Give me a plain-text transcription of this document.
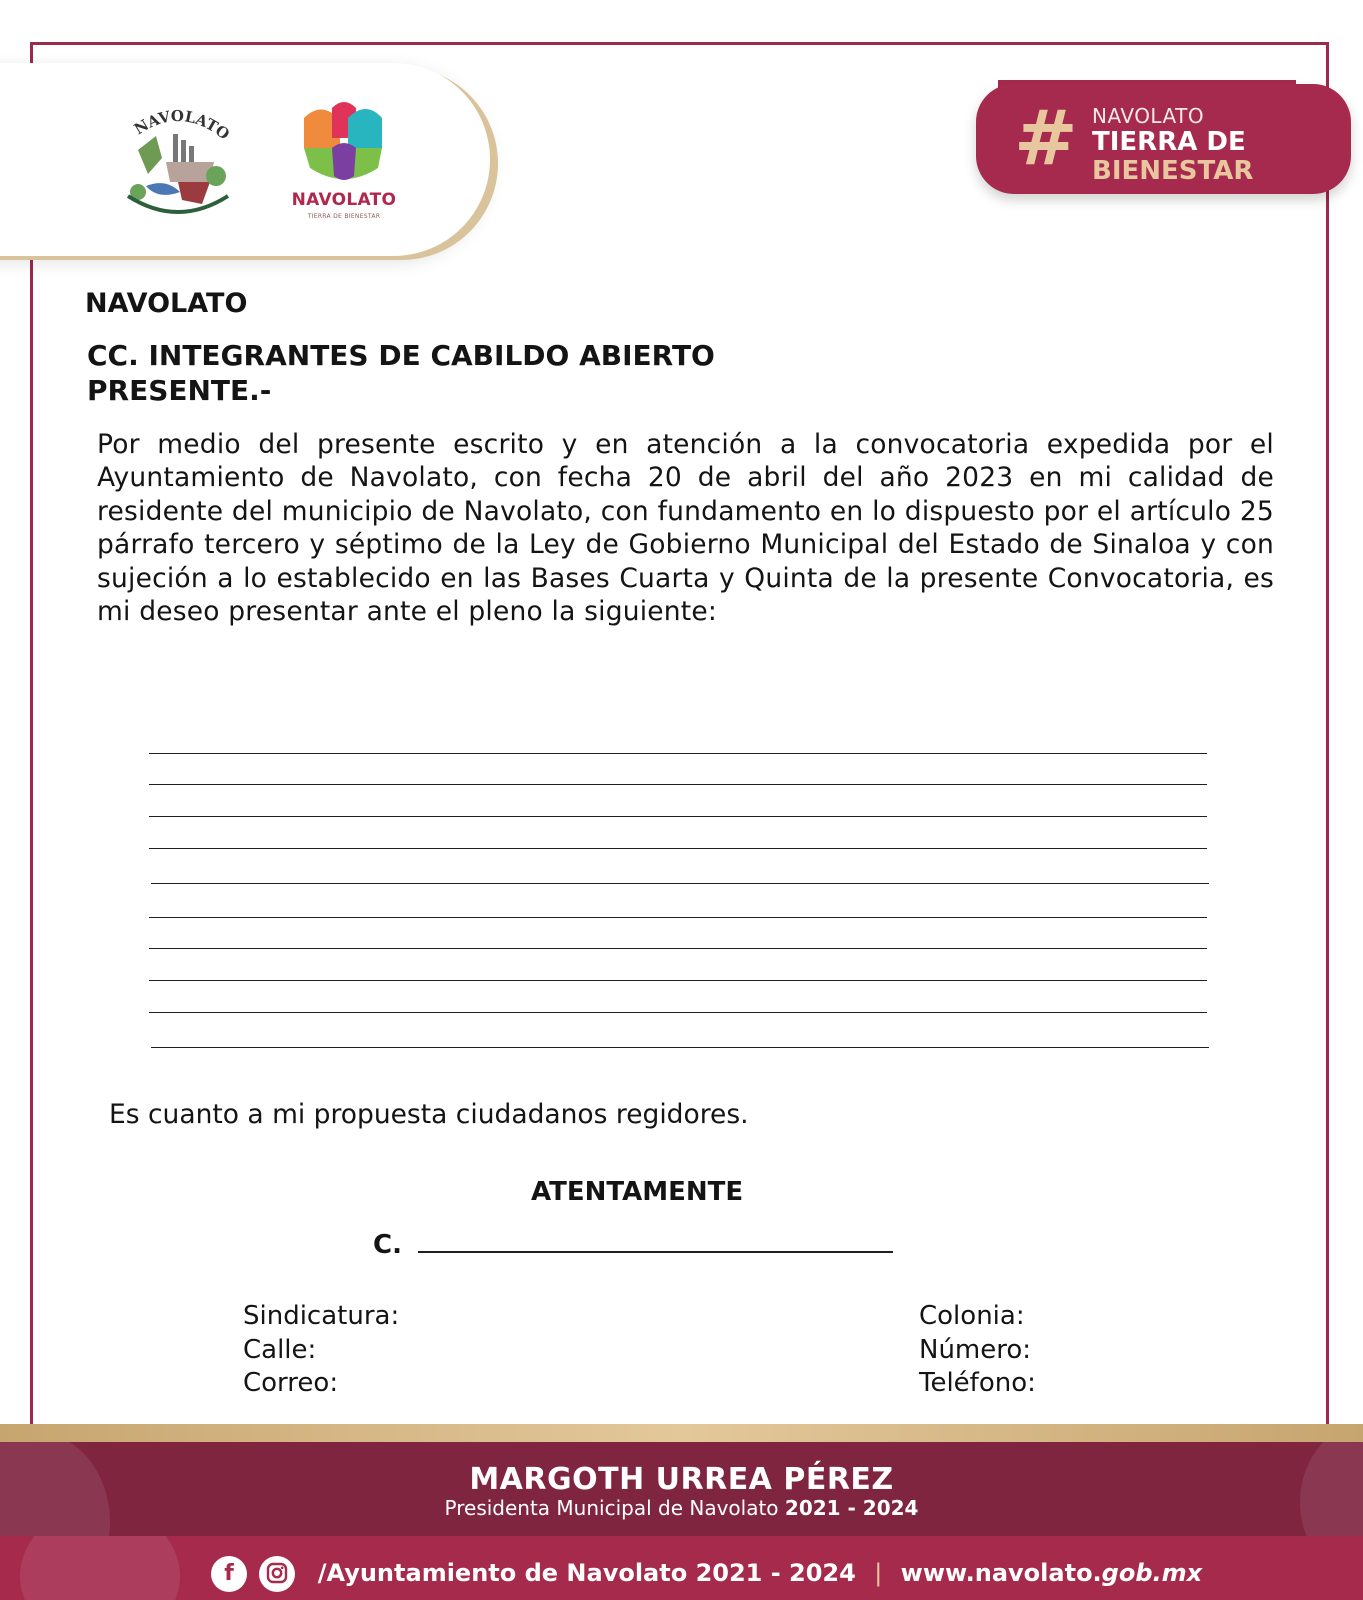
NAVOLATO
NAVOLATO
TIERRA DE BIENESTAR
# NAVOLATO
TIERRA DE
BIENESTAR
NAVOLATO
CC. INTEGRANTES DE CABILDO ABIERTO
PRESENTE.-

Por medio del presente escrito y en atención a la convocatoria expedida por el Ayuntamiento de Navolato, con fecha 20 de abril del año 2023 en mi calidad de residente del municipio de Navolato, con fundamento en lo dispuesto por el artículo 25 párrafo tercero y séptimo de la Ley de Gobierno Municipal del Estado de Sinaloa y con sujeción a lo establecido en las Bases Cuarta y Quinta de la presente Convocatoria, es mi deseo presentar ante el pleno la siguiente:

Es cuanto a mi propuesta ciudadanos regidores.

ATENTAMENTE

C.

Sindicatura:

Calle:

Correo:

Colonia:

Número:

Teléfono:

MARGOTH URREA PÉREZ
Presidenta Municipal de Navolato 2021 - 2024
f	/Ayuntamiento de Navolato 2021 - 2024 | www.navolato.gob.mx
